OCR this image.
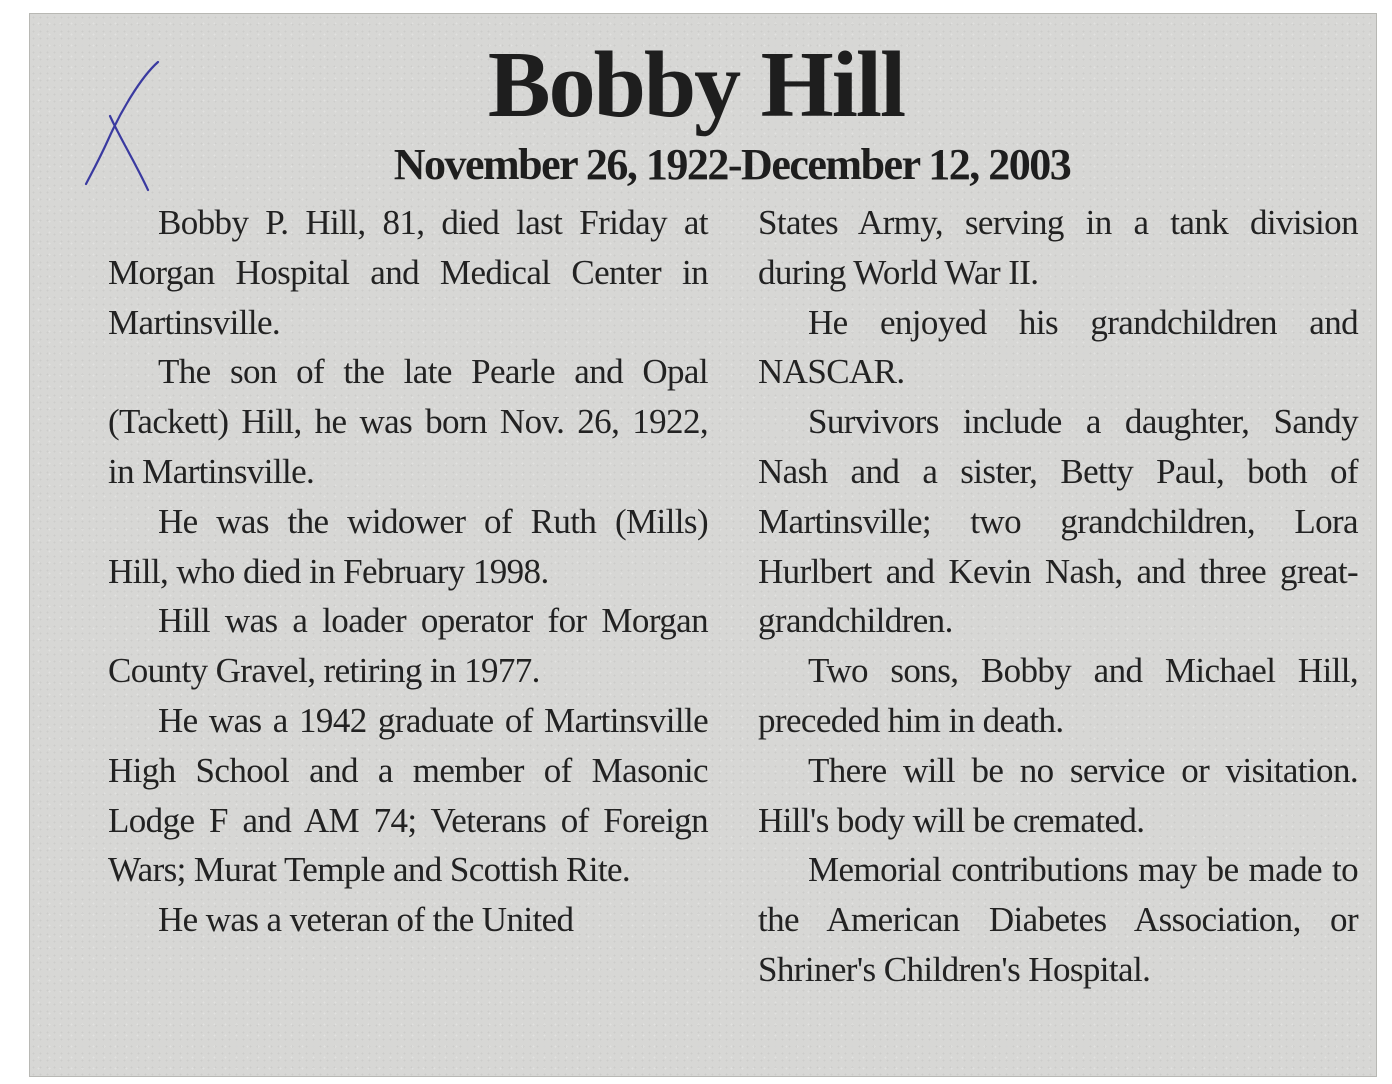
Bobby Hill
November 26, 1922-December 12, 2003

Bobby P. Hill, 81, died last Friday at Morgan Hospital and Medical Center in Martinsville.

The son of the late Pearle and Opal (Tackett) Hill, he was born Nov. 26, 1922, in Martinsville.

He was the widower of Ruth (Mills) Hill, who died in February 1998.

Hill was a loader operator for Morgan County Gravel, retiring in 1977.

He was a 1942 graduate of Martinsville High School and a member of Masonic Lodge F and AM 74; Veterans of Foreign Wars; Murat Temple and Scottish Rite.

He was a veteran of the United

States Army, serving in a tank division during World War II.

He enjoyed his grandchildren and NASCAR.

Survivors include a daughter, Sandy Nash and a sister, Betty Paul, both of Martinsville; two grandchildren, Lora Hurlbert and Kevin Nash, and three great-grandchildren.

Two sons, Bobby and Michael Hill, preceded him in death.

There will be no service or visitation. Hill's body will be cremated.

Memorial contributions may be made to the American Diabetes Association, or Shriner's Children's Hospital.
